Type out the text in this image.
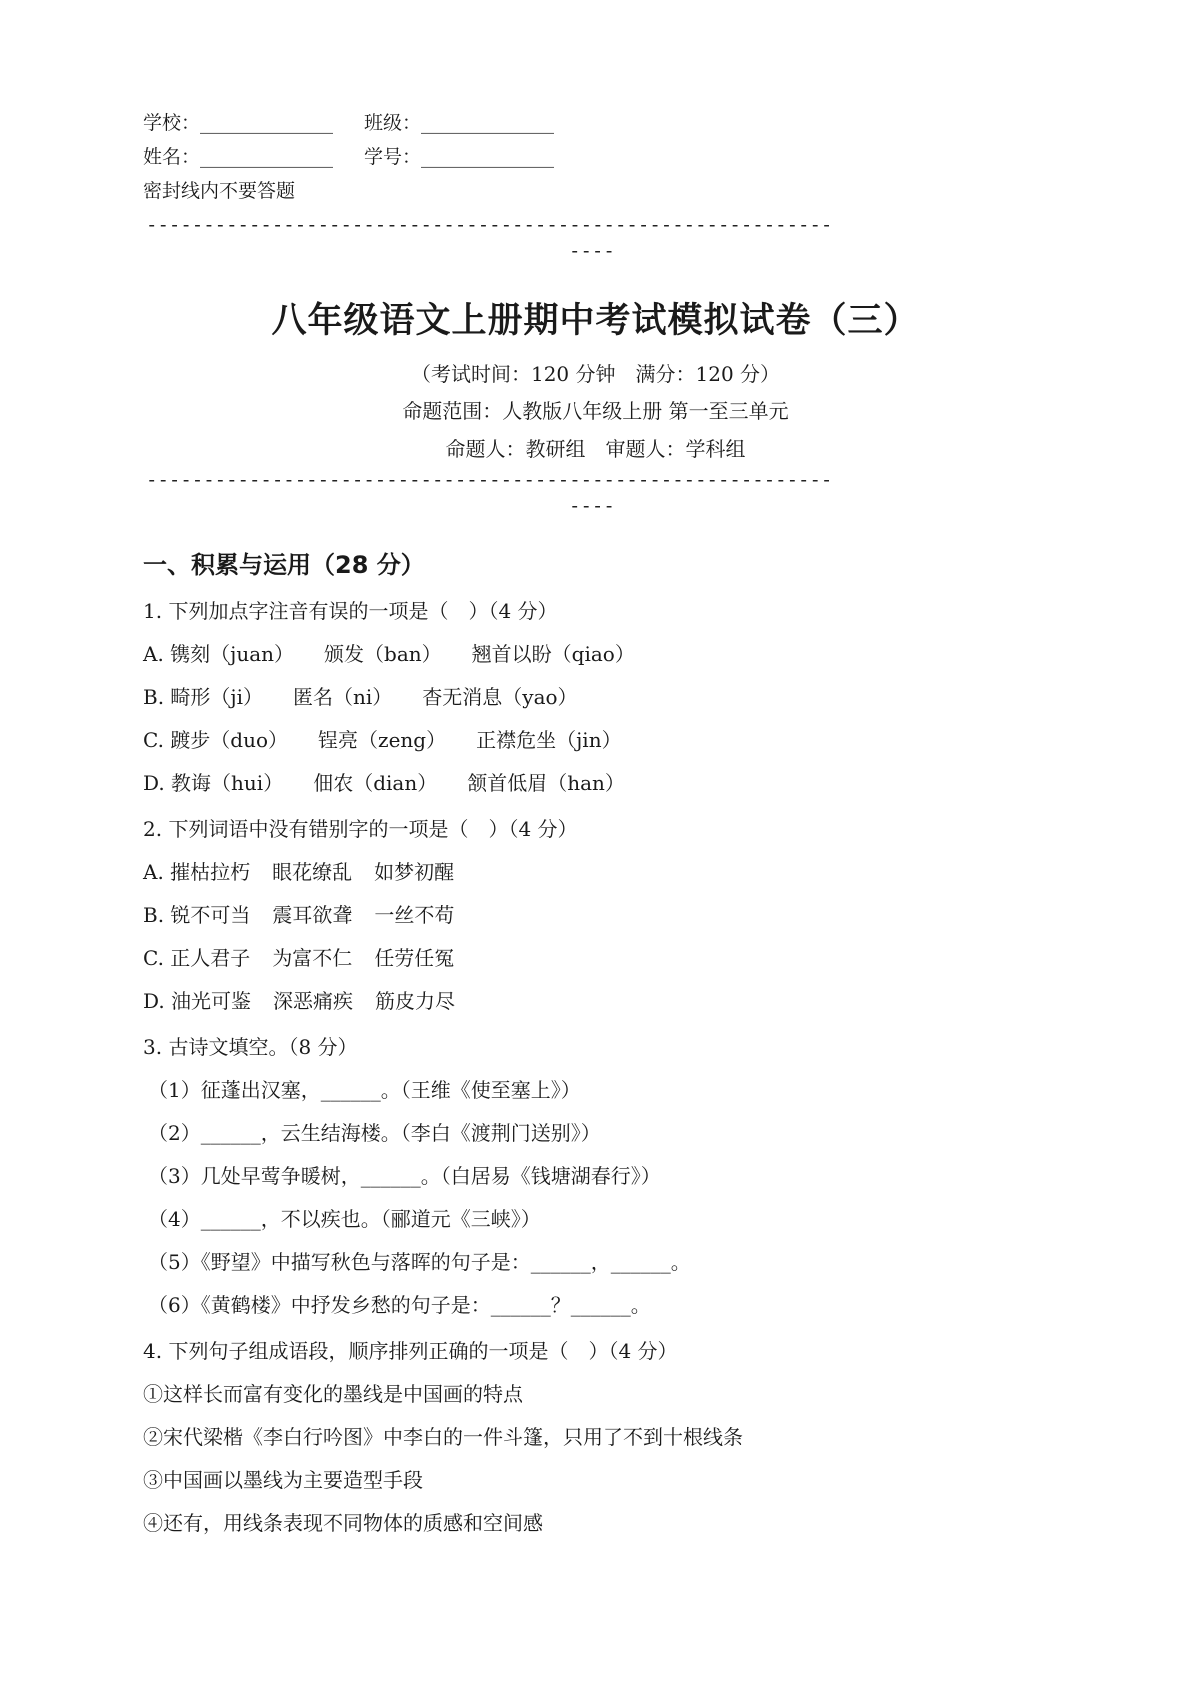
学校：______________ 班级：______________
姓名：______________ 学号：______________
密封线内不要答题
------------------------------------------------------------
----
八年级语文上册期中考试模拟试卷（三）
（考试时间：120 分钟　满分：120 分）
命题范围：人教版八年级上册 第一至三单元
命题人：教研组　审题人：学科组
------------------------------------------------------------
----
一、积累与运用（28 分）
1. 下列加点字注音有误的一项是（　）（4 分）
A. 镌刻（juan） 颁发（ban） 翘首以盼（qiao）
B. 畸形（ji） 匿名（ni） 杳无消息（yao）
C. 踱步（duo） 锃亮（zeng） 正襟危坐（jin）
D. 教诲（hui） 佃农（dian） 颔首低眉（han）
2. 下列词语中没有错别字的一项是（　）（4 分）
A. 摧枯拉朽 眼花缭乱 如梦初醒
B. 锐不可当 震耳欲聋 一丝不苟
C. 正人君子 为富不仁 任劳任冤
D. 油光可鉴 深恶痛疾 筋皮力尽
3. 古诗文填空。（8 分）
（1）征蓬出汉塞，______。（王维《使至塞上》）
（2）______，云生结海楼。（李白《渡荆门送别》）
（3）几处早莺争暖树，______。（白居易《钱塘湖春行》）
（4）______，不以疾也。（郦道元《三峡》）
（5）《野望》中描写秋色与落晖的句子是：______，______。
（6）《黄鹤楼》中抒发乡愁的句子是：______？______。
4. 下列句子组成语段，顺序排列正确的一项是（　）（4 分）
①这样长而富有变化的墨线是中国画的特点
②宋代梁楷《李白行吟图》中李白的一件斗篷，只用了不到十根线条
③中国画以墨线为主要造型手段
④还有，用线条表现不同物体的质感和空间感
